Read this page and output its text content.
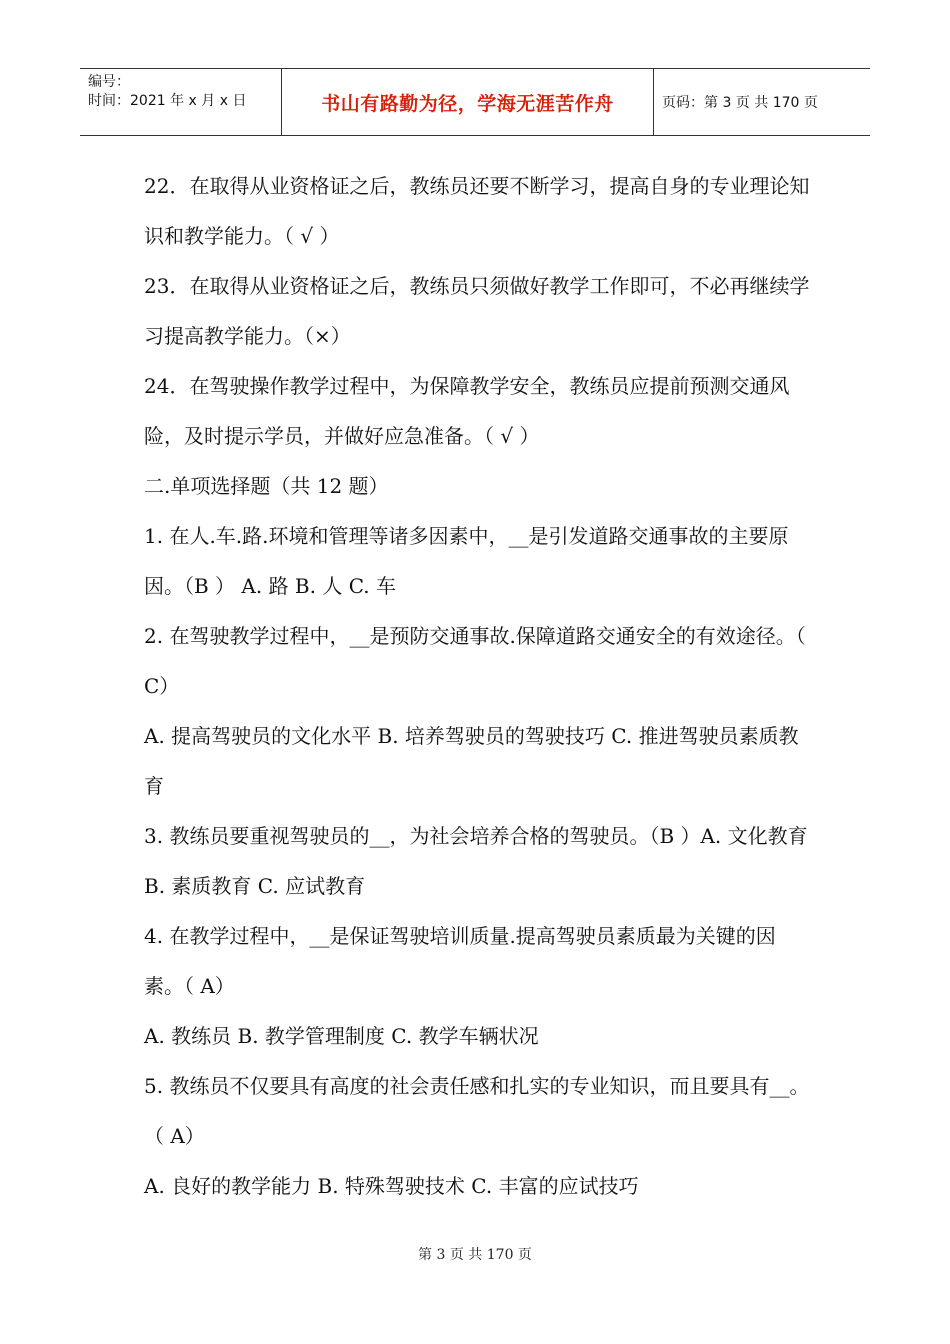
编号：
时间：2021 年 x 月 x 日	书山有路勤为径，学海无涯苦作舟	页码：第 3 页 共 170 页

22．在取得从业资格证之后，教练员还要不断学习，提高自身的专业理论知识和教学能力。（ √ ）

23．在取得从业资格证之后，教练员只须做好教学工作即可，不必再继续学习提高教学能力。（×）

24．在驾驶操作教学过程中，为保障教学安全，教练员应提前预测交通风险，及时提示学员，并做好应急准备。（ √ ）

二.单项选择题（共 12 题）

1. 在人.车.路.环境和管理等诸多因素中，__是引发道路交通事故的主要原因。（B ） A. 路 B. 人 C. 车

2. 在驾驶教学过程中，__是预防交通事故.保障道路交通安全的有效途径。（ C）

A. 提高驾驶员的文化水平 B. 培养驾驶员的驾驶技巧 C. 推进驾驶员素质教育

3. 教练员要重视驾驶员的__，为社会培养合格的驾驶员。（B ）A. 文化教育 B. 素质教育 C. 应试教育

4. 在教学过程中，__是保证驾驶培训质量.提高驾驶员素质最为关键的因素。（ A）

A. 教练员 B. 教学管理制度 C. 教学车辆状况

5. 教练员不仅要具有高度的社会责任感和扎实的专业知识，而且要具有__。（ A）

A. 良好的教学能力 B. 特殊驾驶技术 C. 丰富的应试技巧

第 3 页 共 170 页
